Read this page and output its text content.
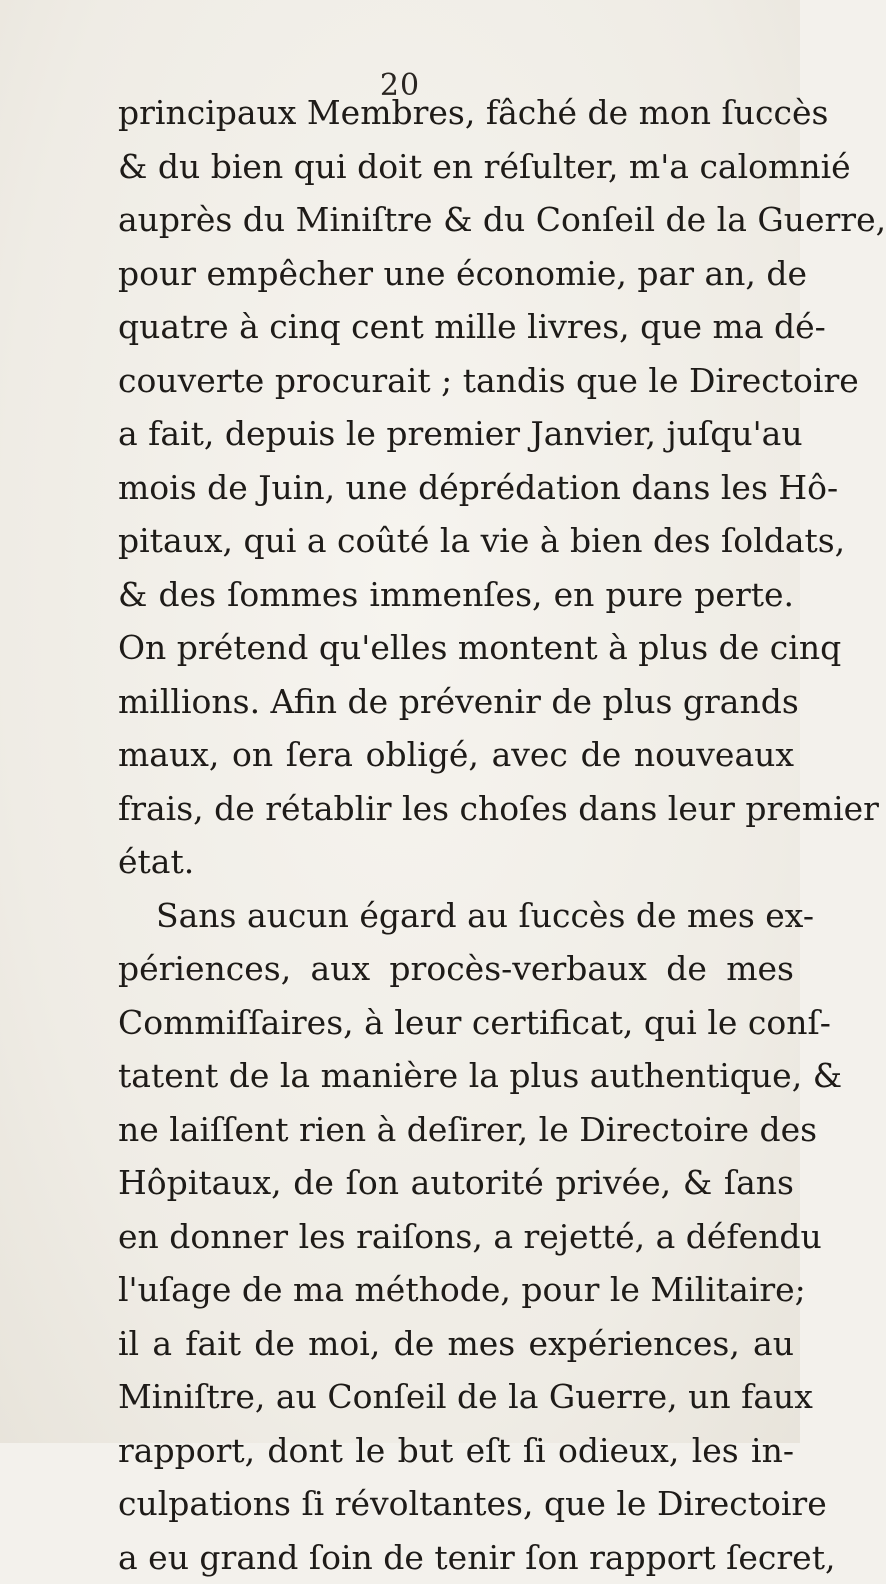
20
principaux Membres, fâché de mon ſuccès
& du bien qui doit en réſulter, m'a calomnié
auprès du Miniſtre & du Conſeil de la Guerre,
pour empêcher une économie, par an, de
quatre à cinq cent mille livres, que ma dé-
couverte procurait ; tandis que le Directoire
a fait, depuis le premier Janvier, juſqu'au
mois de Juin, une déprédation dans les Hô-
pitaux, qui a coûté la vie à bien des ſoldats,
& des ſommes immenſes, en pure perte.
On prétend qu'elles montent à plus de cinq
millions. Afin de prévenir de plus grands
maux, on ſera obligé, avec de nouveaux
frais, de rétablir les choſes dans leur premier
état.
Sans aucun égard au ſuccès de mes ex-
périences, aux procès-verbaux de mes
Commiſſaires, à leur certificat, qui le conſ-
tatent de la manière la plus authentique, &
ne laiſſent rien à deſirer, le Directoire des
Hôpitaux, de ſon autorité privée, & ſans
en donner les raiſons, a rejetté, a défendu
l'uſage de ma méthode, pour le Militaire;
il a fait de moi, de mes expériences, au
Miniſtre, au Conſeil de la Guerre, un faux
rapport, dont le but eſt ſi odieux, les in-
culpations ſi révoltantes, que le Directoire
a eu grand ſoin de tenir ſon rapport ſecret,
